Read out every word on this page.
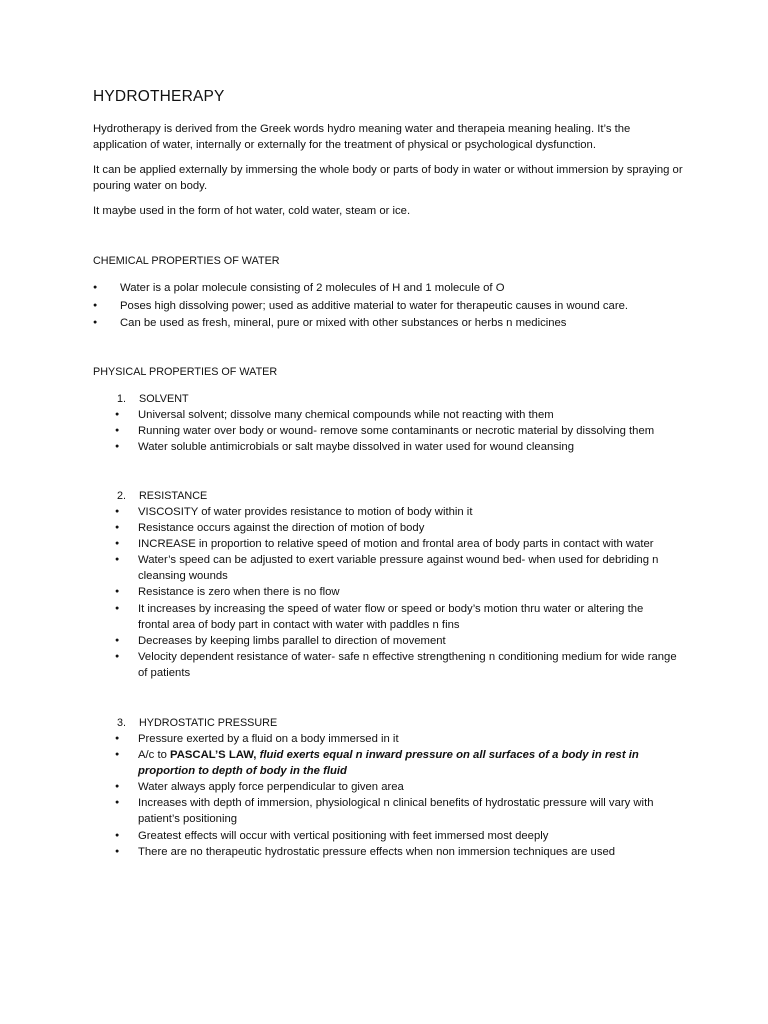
HYDROTHERAPY
Hydrotherapy is derived from the Greek words hydro meaning water and therapeia meaning healing. It’s the application of water, internally or externally for the treatment of physical or psychological dysfunction.
It can be applied externally by immersing the whole body or parts of body in water or without immersion by spraying or pouring water on body.
It maybe used in the form of hot water, cold water, steam or ice.
CHEMICAL PROPERTIES OF WATER
● Water is a polar molecule consisting of 2 molecules of H and 1 molecule of O
● Poses high dissolving power; used as additive material to water for therapeutic causes in wound care.
● Can be used as fresh, mineral, pure or mixed with other substances or herbs n medicines
PHYSICAL PROPERTIES OF WATER
1. SOLVENT
● Universal solvent; dissolve many chemical compounds while not reacting with them
● Running water over body or wound- remove some contaminants or necrotic material by dissolving them
● Water soluble antimicrobials or salt maybe dissolved in water used for wound cleansing
2. RESISTANCE
● VISCOSITY of water provides resistance to motion of body within it
● Resistance occurs against the direction of motion of body
● INCREASE in proportion to relative speed of motion and frontal area of body parts in contact with water
● Water’s speed can be adjusted to exert variable pressure against wound bed- when used for debriding n cleansing wounds
● Resistance is zero when there is no flow
● It increases by increasing the speed of water flow or speed or body’s motion thru water or altering the frontal area of body part in contact with water with paddles n fins
● Decreases by keeping limbs parallel to direction of movement
● Velocity dependent resistance of water- safe n effective strengthening n conditioning medium for wide range of patients
3. HYDROSTATIC PRESSURE
● Pressure exerted by a fluid on a body immersed in it
● A/c to PASCAL’S LAW, fluid exerts equal n inward pressure on all surfaces of a body in rest in proportion to depth of body in the fluid
● Water always apply force perpendicular to given area
● Increases with depth of immersion, physiological n clinical benefits of hydrostatic pressure will vary with patient’s positioning
● Greatest effects will occur with vertical positioning with feet immersed most deeply
● There are no therapeutic hydrostatic pressure effects when non immersion techniques are used
